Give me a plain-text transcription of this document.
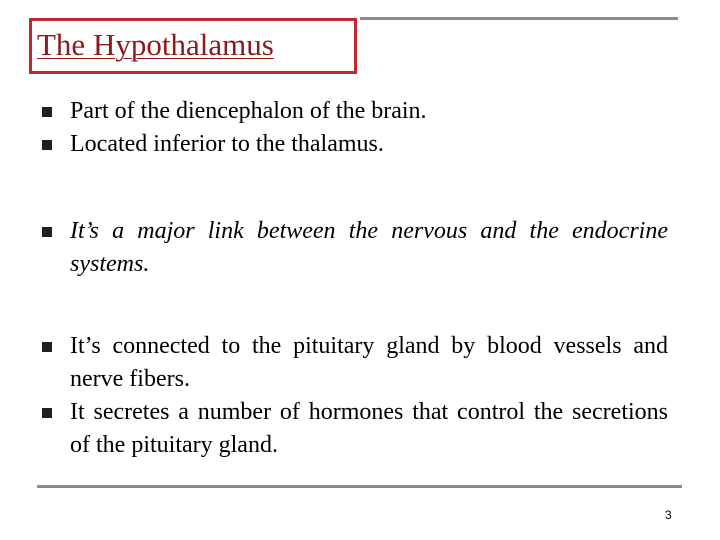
The Hypothalamus
Part of the diencephalon of the brain.
Located inferior to the thalamus.
It’s a major link between the nervous and the endocrine systems.
It’s connected to the pituitary gland by blood vessels and nerve fibers.
It secretes a number of hormones that control the secretions of the pituitary gland.
3
